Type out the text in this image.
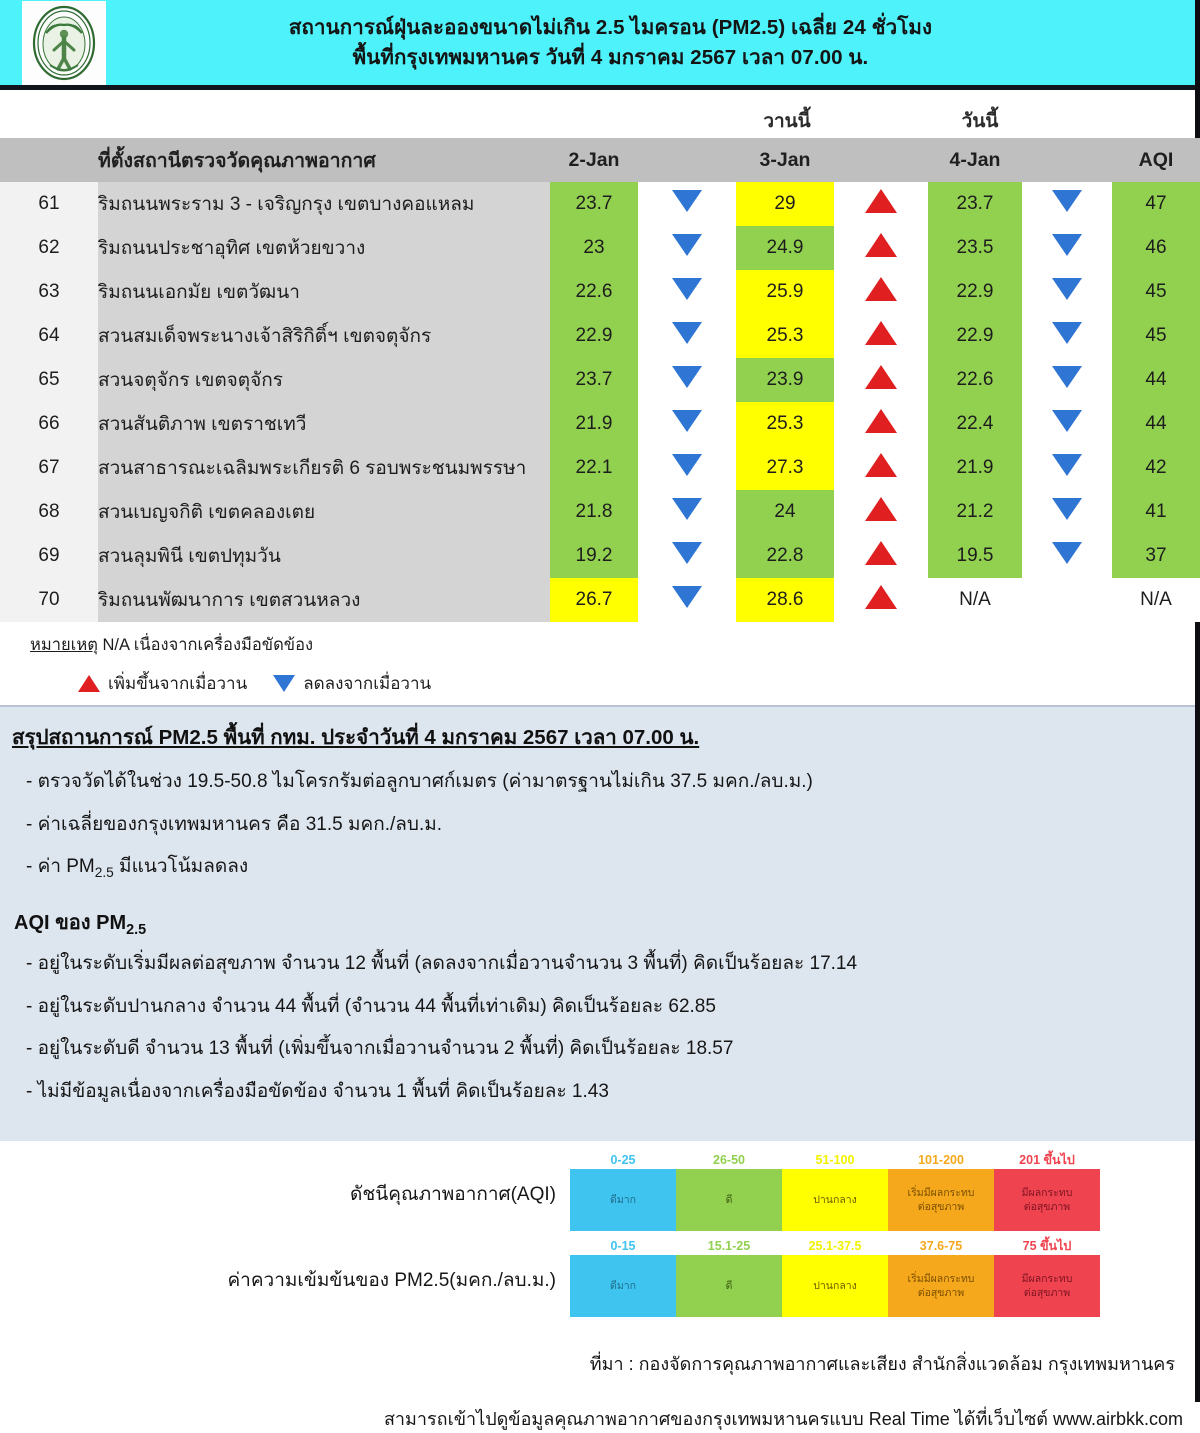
สถานการณ์ฝุ่นละอองขนาดไม่เกิน 2.5 ไมครอน (PM2.5) เฉลี่ย 24 ชั่วโมง
พื้นที่กรุงเทพมหานคร วันที่ 4 มกราคม 2567 เวลา 07.00 น.
วานนี้	วันนี้
	ที่ตั้งสถานีตรวจวัดคุณภาพอากาศ	2-Jan		3-Jan		4-Jan		AQI
61	ริมถนนพระราม 3 - เจริญกรุง เขตบางคอแหลม	23.7		29		23.7		47
62	ริมถนนประชาอุทิศ เขตห้วยขวาง	23		24.9		23.5		46
63	ริมถนนเอกมัย เขตวัฒนา	22.6		25.9		22.9		45
64	สวนสมเด็จพระนางเจ้าสิริกิติ์ฯ เขตจตุจักร	22.9		25.3		22.9		45
65	สวนจตุจักร เขตจตุจักร	23.7		23.9		22.6		44
66	สวนสันติภาพ เขตราชเทวี	21.9		25.3		22.4		44
67	สวนสาธารณะเฉลิมพระเกียรติ 6 รอบพระชนมพรรษา	22.1		27.3		21.9		42
68	สวนเบญจกิติ เขตคลองเตย	21.8		24		21.2		41
69	สวนลุมพินี เขตปทุมวัน	19.2		22.8		19.5		37
70	ริมถนนพัฒนาการ เขตสวนหลวง	26.7		28.6		N/A		N/A
หมายเหตุ N/A เนื่องจากเครื่องมือขัดข้อง
เพิ่มขึ้นจากเมื่อวาน	ลดลงจากเมื่อวาน
สรุปสถานการณ์ PM2.5 พื้นที่ กทม. ประจำวันที่ 4 มกราคม 2567 เวลา 07.00 น.
- ตรวจวัดได้ในช่วง 19.5-50.8 ไมโครกรัมต่อลูกบาศก์เมตร (ค่ามาตรฐานไม่เกิน 37.5 มคก./ลบ.ม.)
- ค่าเฉลี่ยของกรุงเทพมหานคร คือ 31.5 มคก./ลบ.ม.
- ค่า $PM_{2.5}$ มีแนวโน้มลดลง
AQI ของ $PM_{2.5}$
- อยู่ในระดับเริ่มมีผลต่อสุขภาพ จำนวน 12 พื้นที่ (ลดลงจากเมื่อวานจำนวน 3 พื้นที่) คิดเป็นร้อยละ 17.14
- อยู่ในระดับปานกลาง จำนวน 44 พื้นที่ (จำนวน 44 พื้นที่เท่าเดิม) คิดเป็นร้อยละ 62.85
- อยู่ในระดับดี จำนวน 13 พื้นที่ (เพิ่มขึ้นจากเมื่อวานจำนวน 2 พื้นที่) คิดเป็นร้อยละ 18.57
- ไม่มีข้อมูลเนื่องจากเครื่องมือขัดข้อง จำนวน 1 พื้นที่ คิดเป็นร้อยละ 1.43
ดัชนีคุณภาพอากาศ(AQI)
0-25
ดีมาก
26-50
ดี
51-100
ปานกลาง
101-200
เริ่มมีผลกระทบ
ต่อสุขภาพ
201 ขึ้นไป
มีผลกระทบ
ต่อสุขภาพ
ค่าความเข้มข้นของ PM2.5(มคก./ลบ.ม.)
0-15
ดีมาก
15.1-25
ดี
25.1-37.5
ปานกลาง
37.6-75
เริ่มมีผลกระทบ
ต่อสุขภาพ
75 ขึ้นไป
มีผลกระทบ
ต่อสุขภาพ
ที่มา : กองจัดการคุณภาพอากาศและเสียง สำนักสิ่งแวดล้อม กรุงเทพมหานคร
สามารถเข้าไปดูข้อมูลคุณภาพอากาศของกรุงเทพมหานครแบบ Real Time ได้ที่เว็บไซต์ www.airbkk.com
